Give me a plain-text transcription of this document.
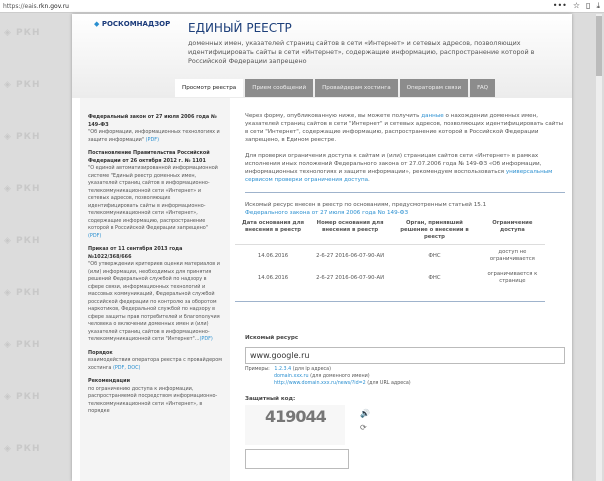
https://eais.rkn.gov.ru	••• ☆ ▯ ⤓
◈ РКН
◈ РКН
◈ РКН
◈ РКН
◈ РКН
◈ РКН
◈ РКН
◈ РКН
◈ РКН
◆ РОСКОМНАДЗОР ЕДИНЫЙ РЕЕСТР
доменных имен, указателей страниц сайтов в сети «Интернет» и сетевых адресов, позволяющих идентифицировать сайты в сети «Интернет», содержащие информацию, распространение которой в Российской Федерации запрещено
Просмотр реестра	Прием сообщений	Провайдерам хостинга	Операторам связи	FAQ

Федеральный закон от 27 июля 2006 года № 149-ФЗ
"Об информации, информационных технологиях и защите информации" (PDF)

Постановление Правительства Российской Федерации от 26 октября 2012 г. № 1101
"О единой автоматизированной информационной системе "Единый реестр доменных имен, указателей страниц сайтов в информационно-телекоммуникационной сети «Интернет» и сетевых адресов, позволяющих идентифицировать сайты в информационно-телекоммуникационной сети «Интернет», содержащие информацию, распространение которой в Российской Федерации запрещено" (PDF)

Приказ от 11 сентября 2013 года №1022/368/666
"Об утверждении критериев оценки материалов и (или) информации, необходимых для принятия решений Федеральной службой по надзору в сфере связи, информационных технологий и массовых коммуникаций, Федеральной службой российской федерации по контролю за оборотом наркотиков, Федеральной службой по надзору в сфере защиты прав потребителей и благополучия человека о включении доменных имен и (или) указателей страниц сайтов в информационно-телекоммуникационной сети "Интернет"...(PDF)

Порядок
взаимодействия оператора реестра с провайдером хостинга (PDF, DOC)

Рекомендации
по ограничению доступа к информации, распространяемой посредством информационно-телекоммуникационной сети «Интернет», в порядке

Через форму, опубликованную ниже, вы можете получить данные о нахождении доменных имен, указателей страниц сайтов в сети "Интернет" и сетевых адресов, позволяющих идентифицировать сайты в сети "Интернет", содержащие информацию, распространение которой в Российской Федерации запрещено, в Едином реестре.

Для проверки ограничения доступа к сайтам и (или) страницам сайтов сети «Интернет» в рамках исполнения иных положений Федерального закона от 27.07.2006 года № 149-ФЗ «Об информации, информационных технологиях и защите информации», рекомендуем воспользоваться универсальным сервисом проверки ограничения доступа.

Искомый ресурс внесен в реестр по основаниям, предусмотренным статьей 15.1
Федерального закона от 27 июля 2006 года No 149-ФЗ

Дата основания для внесения в реестр	Номер основания для внесения в реестр	Орган, принявший решение о внесении в реестр	Ограничение доступа
14.06.2016	2-6-27 2016-06-07-90-АИ	ФНС	доступ не ограничивается
14.06.2016	2-6-27 2016-06-07-90-АИ	ФНС	ограничивается к странице
Искомый ресурс
www.google.ru
Примеры: 1.2.3.4 (для ip адреса)
domain.xxx.ru (для доменного имени)
http://www.domain.xxx.ru/news/?id=2 (для URL адреса)
Защитный код:
419044	🔊
⟳
